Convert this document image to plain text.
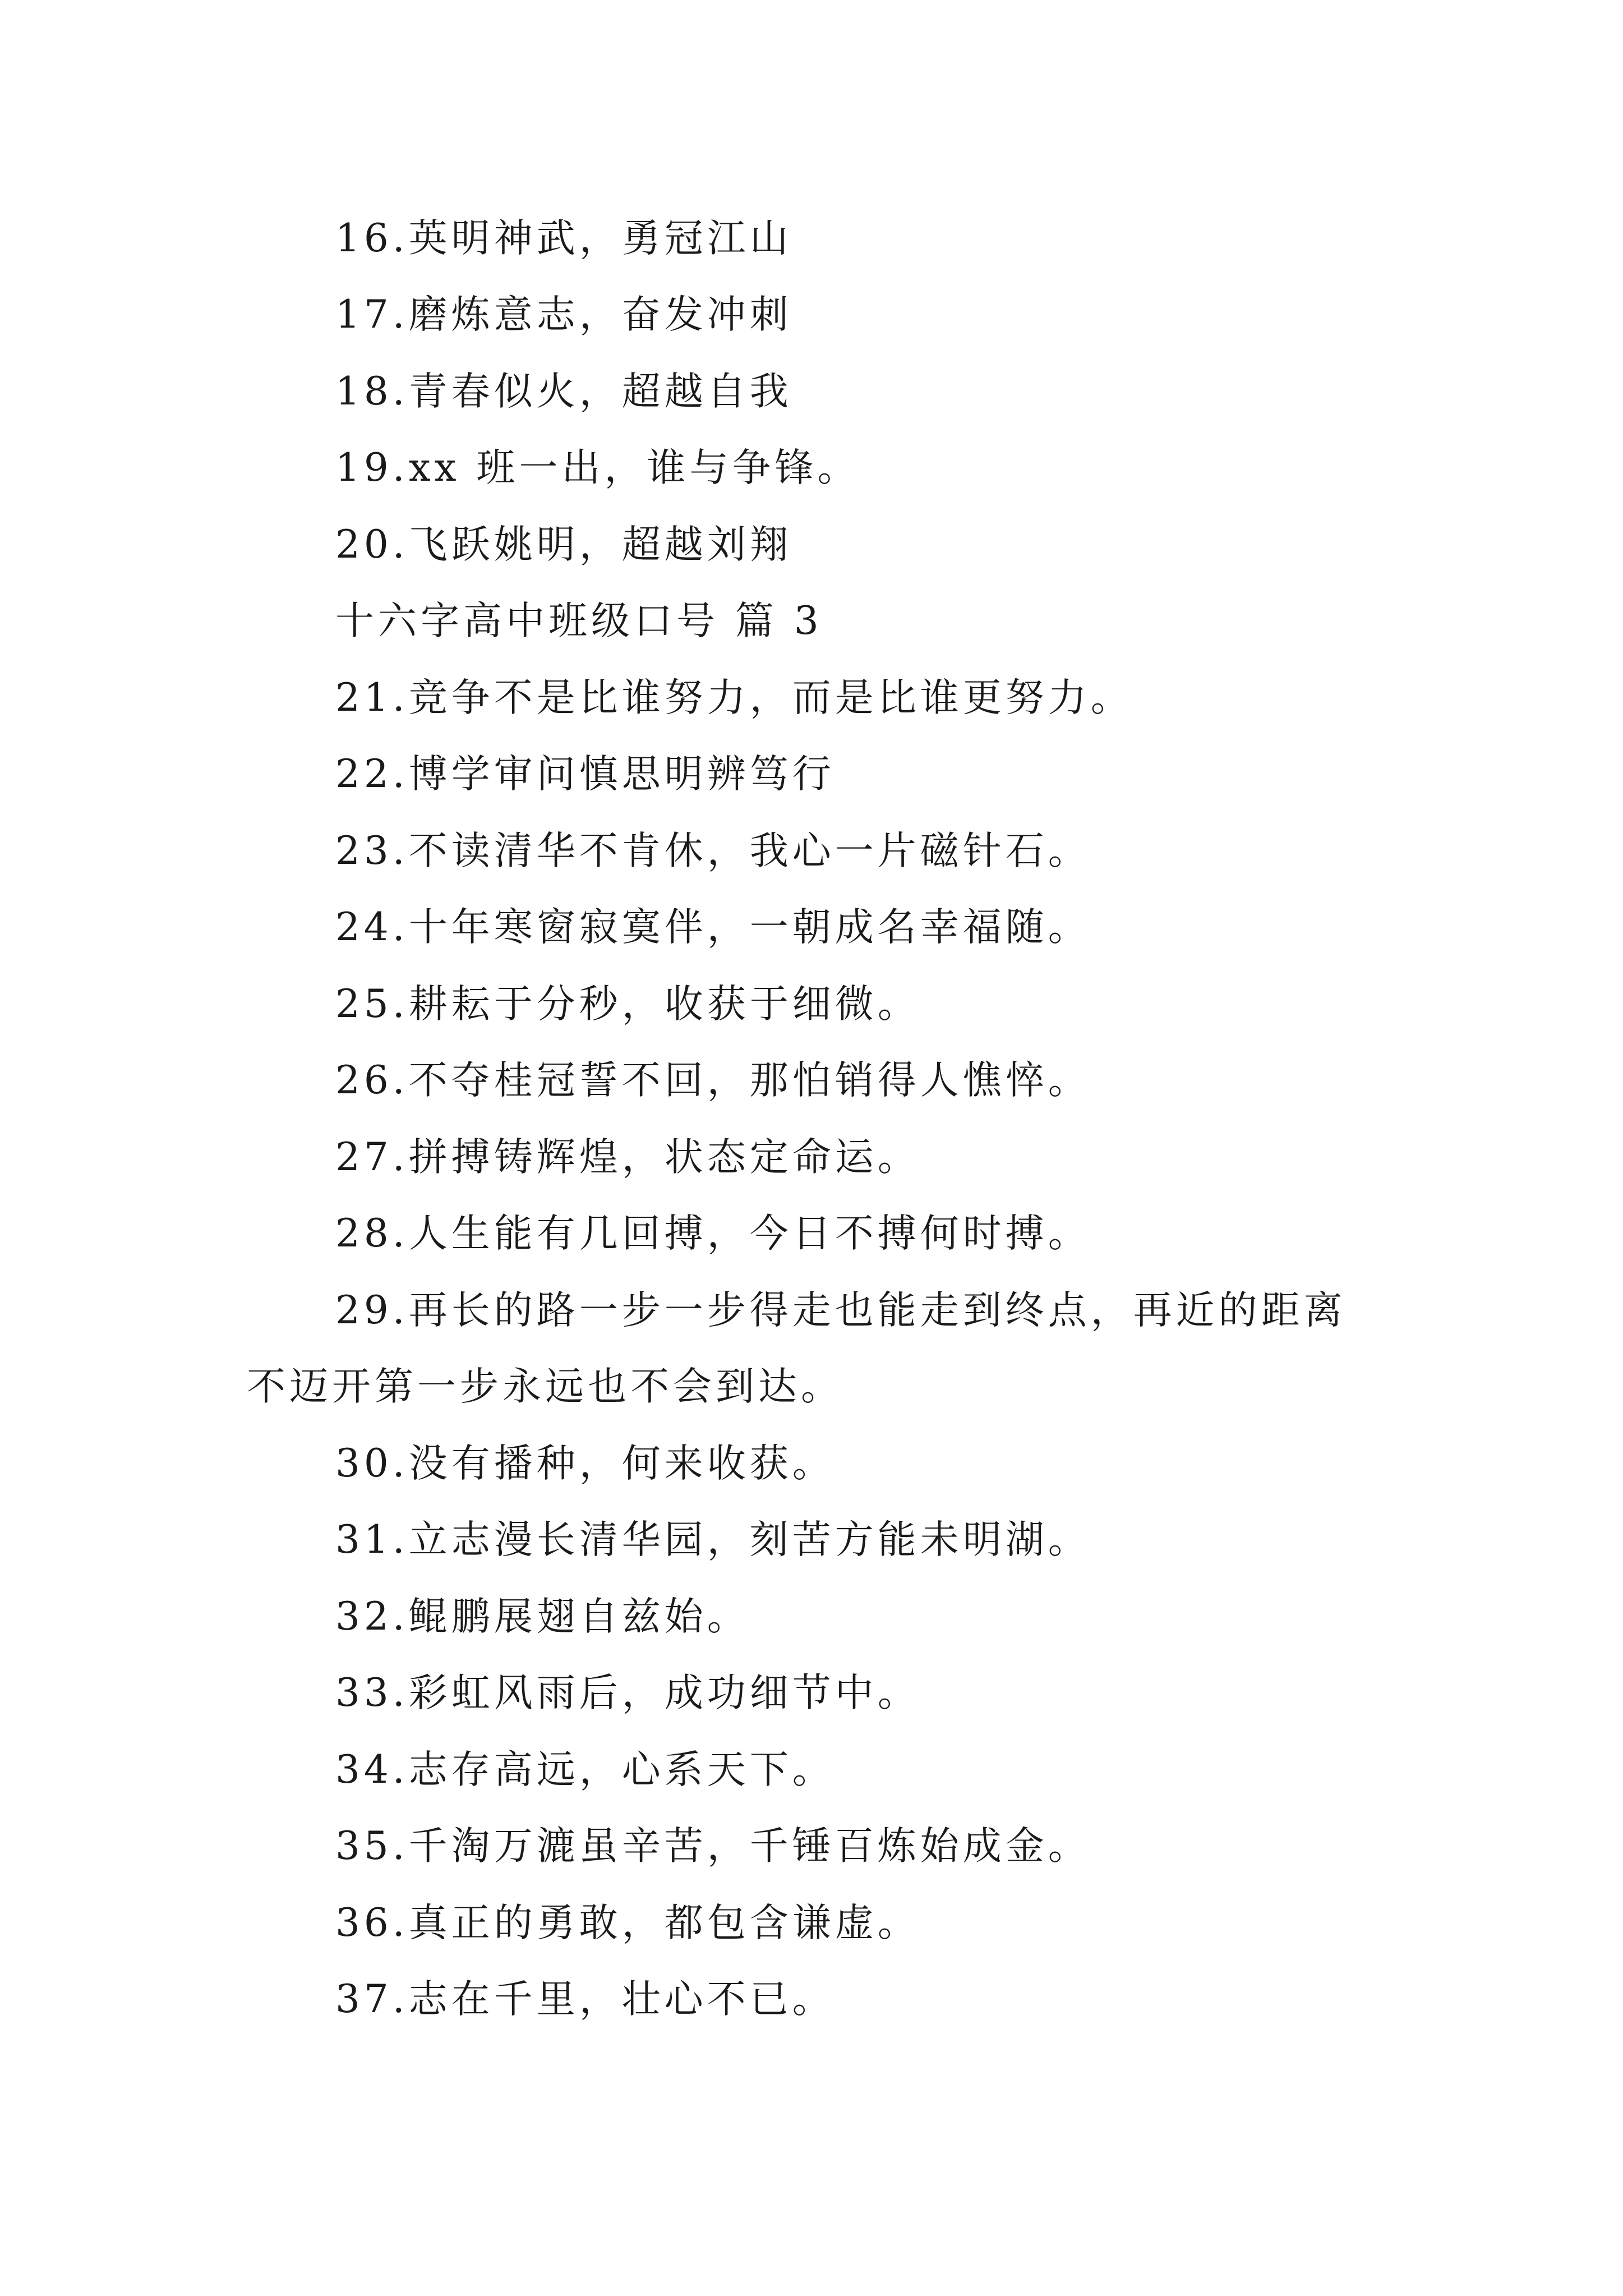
16.英明神武，勇冠江山
17.磨炼意志，奋发冲刺
18.青春似火，超越自我
19.xx 班一出，谁与争锋。
20.飞跃姚明，超越刘翔
十六字高中班级口号 篇 3
21.竞争不是比谁努力，而是比谁更努力。
22.博学审问慎思明辨笃行
23.不读清华不肯休，我心一片磁针石。
24.十年寒窗寂寞伴，一朝成名幸福随。
25.耕耘于分秒，收获于细微。
26.不夺桂冠誓不回，那怕销得人憔悴。
27.拼搏铸辉煌，状态定命运。
28.人生能有几回搏，今日不搏何时搏。
29.再长的路一步一步得走也能走到终点，再近的距离
不迈开第一步永远也不会到达。
30.没有播种，何来收获。
31.立志漫长清华园，刻苦方能未明湖。
32.鲲鹏展翅自兹始。
33.彩虹风雨后，成功细节中。
34.志存高远，心系天下。
35.千淘万漉虽辛苦，千锤百炼始成金。
36.真正的勇敢，都包含谦虚。
37.志在千里，壮心不已。
